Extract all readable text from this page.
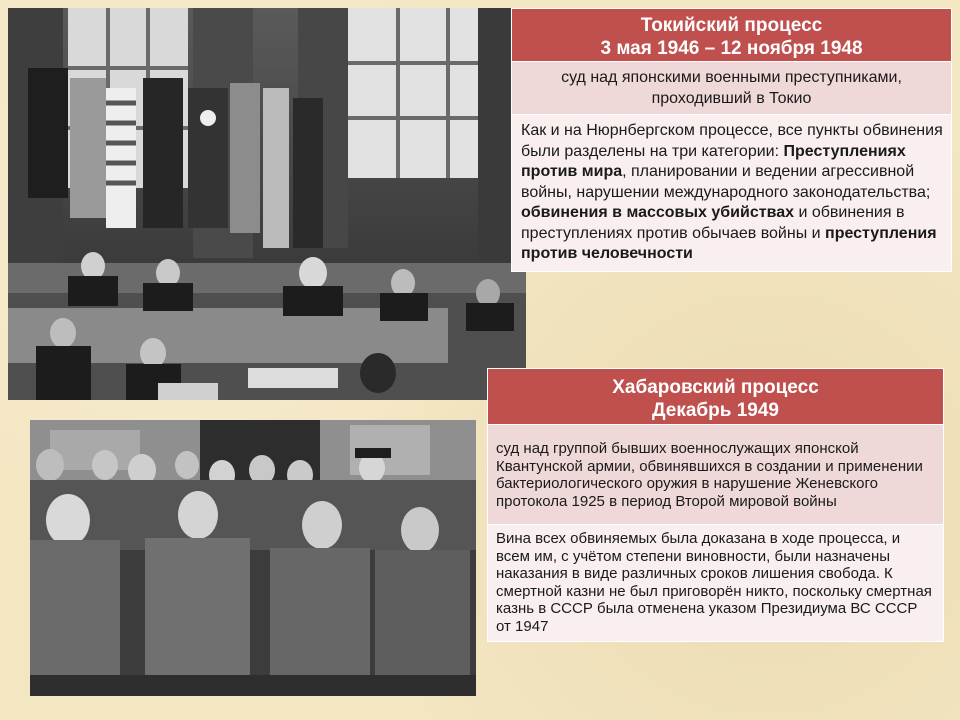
Токийский процесс
3 мая 1946 – 12 ноября 1948

суд над японскими военными преступниками, проходивший в Токио
Как и на Нюрнбергском процессе, все пункты обвинения были разделены на три категории: Преступлениях против мира, планировании и ведении агрессивной войны, нарушении международного законодательства;
обвинения в массовых убийствах и обвинения в преступлениях против обычаев войны и преступления против человечности
Хабаровский процесс
Декабрь 1949

суд над группой бывших военнослужащих японской Квантунской армии, обвинявшихся в создании и применении бактериологического оружия в нарушение Женевского протокола 1925 в период Второй мировой войны
Вина всех обвиняемых была доказана в ходе процесса, и всем им, с учётом степени виновности, были назначены наказания в виде различных сроков лишения свобода. К смертной казни не был приговорён никто, поскольку смертная казнь в СССР была отменена указом Президиума ВС СССР от 1947
